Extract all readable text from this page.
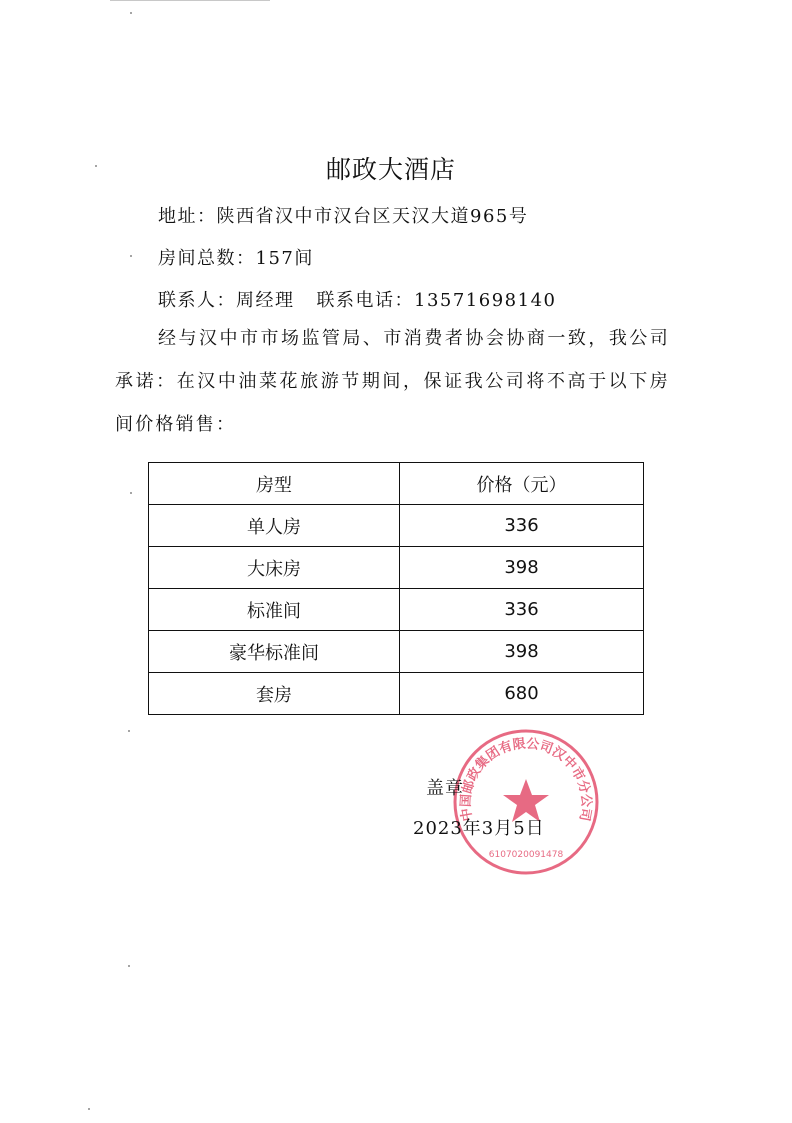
邮政大酒店
地址：陕西省汉中市汉台区天汉大道965号
房间总数：157间
联系人：周经理 联系电话：13571698140
经与汉中市市场监管局、市消费者协会协商一致，我公司承诺：在汉中油菜花旅游节期间，保证我公司将不高于以下房间价格销售：
房型	价格（元）
单人房	336
大床房	398
标准间	336
豪华标准间	398
套房	680
中国邮政集团有限公司汉中市分公司
6107020091478
盖章
2023年3月5日
